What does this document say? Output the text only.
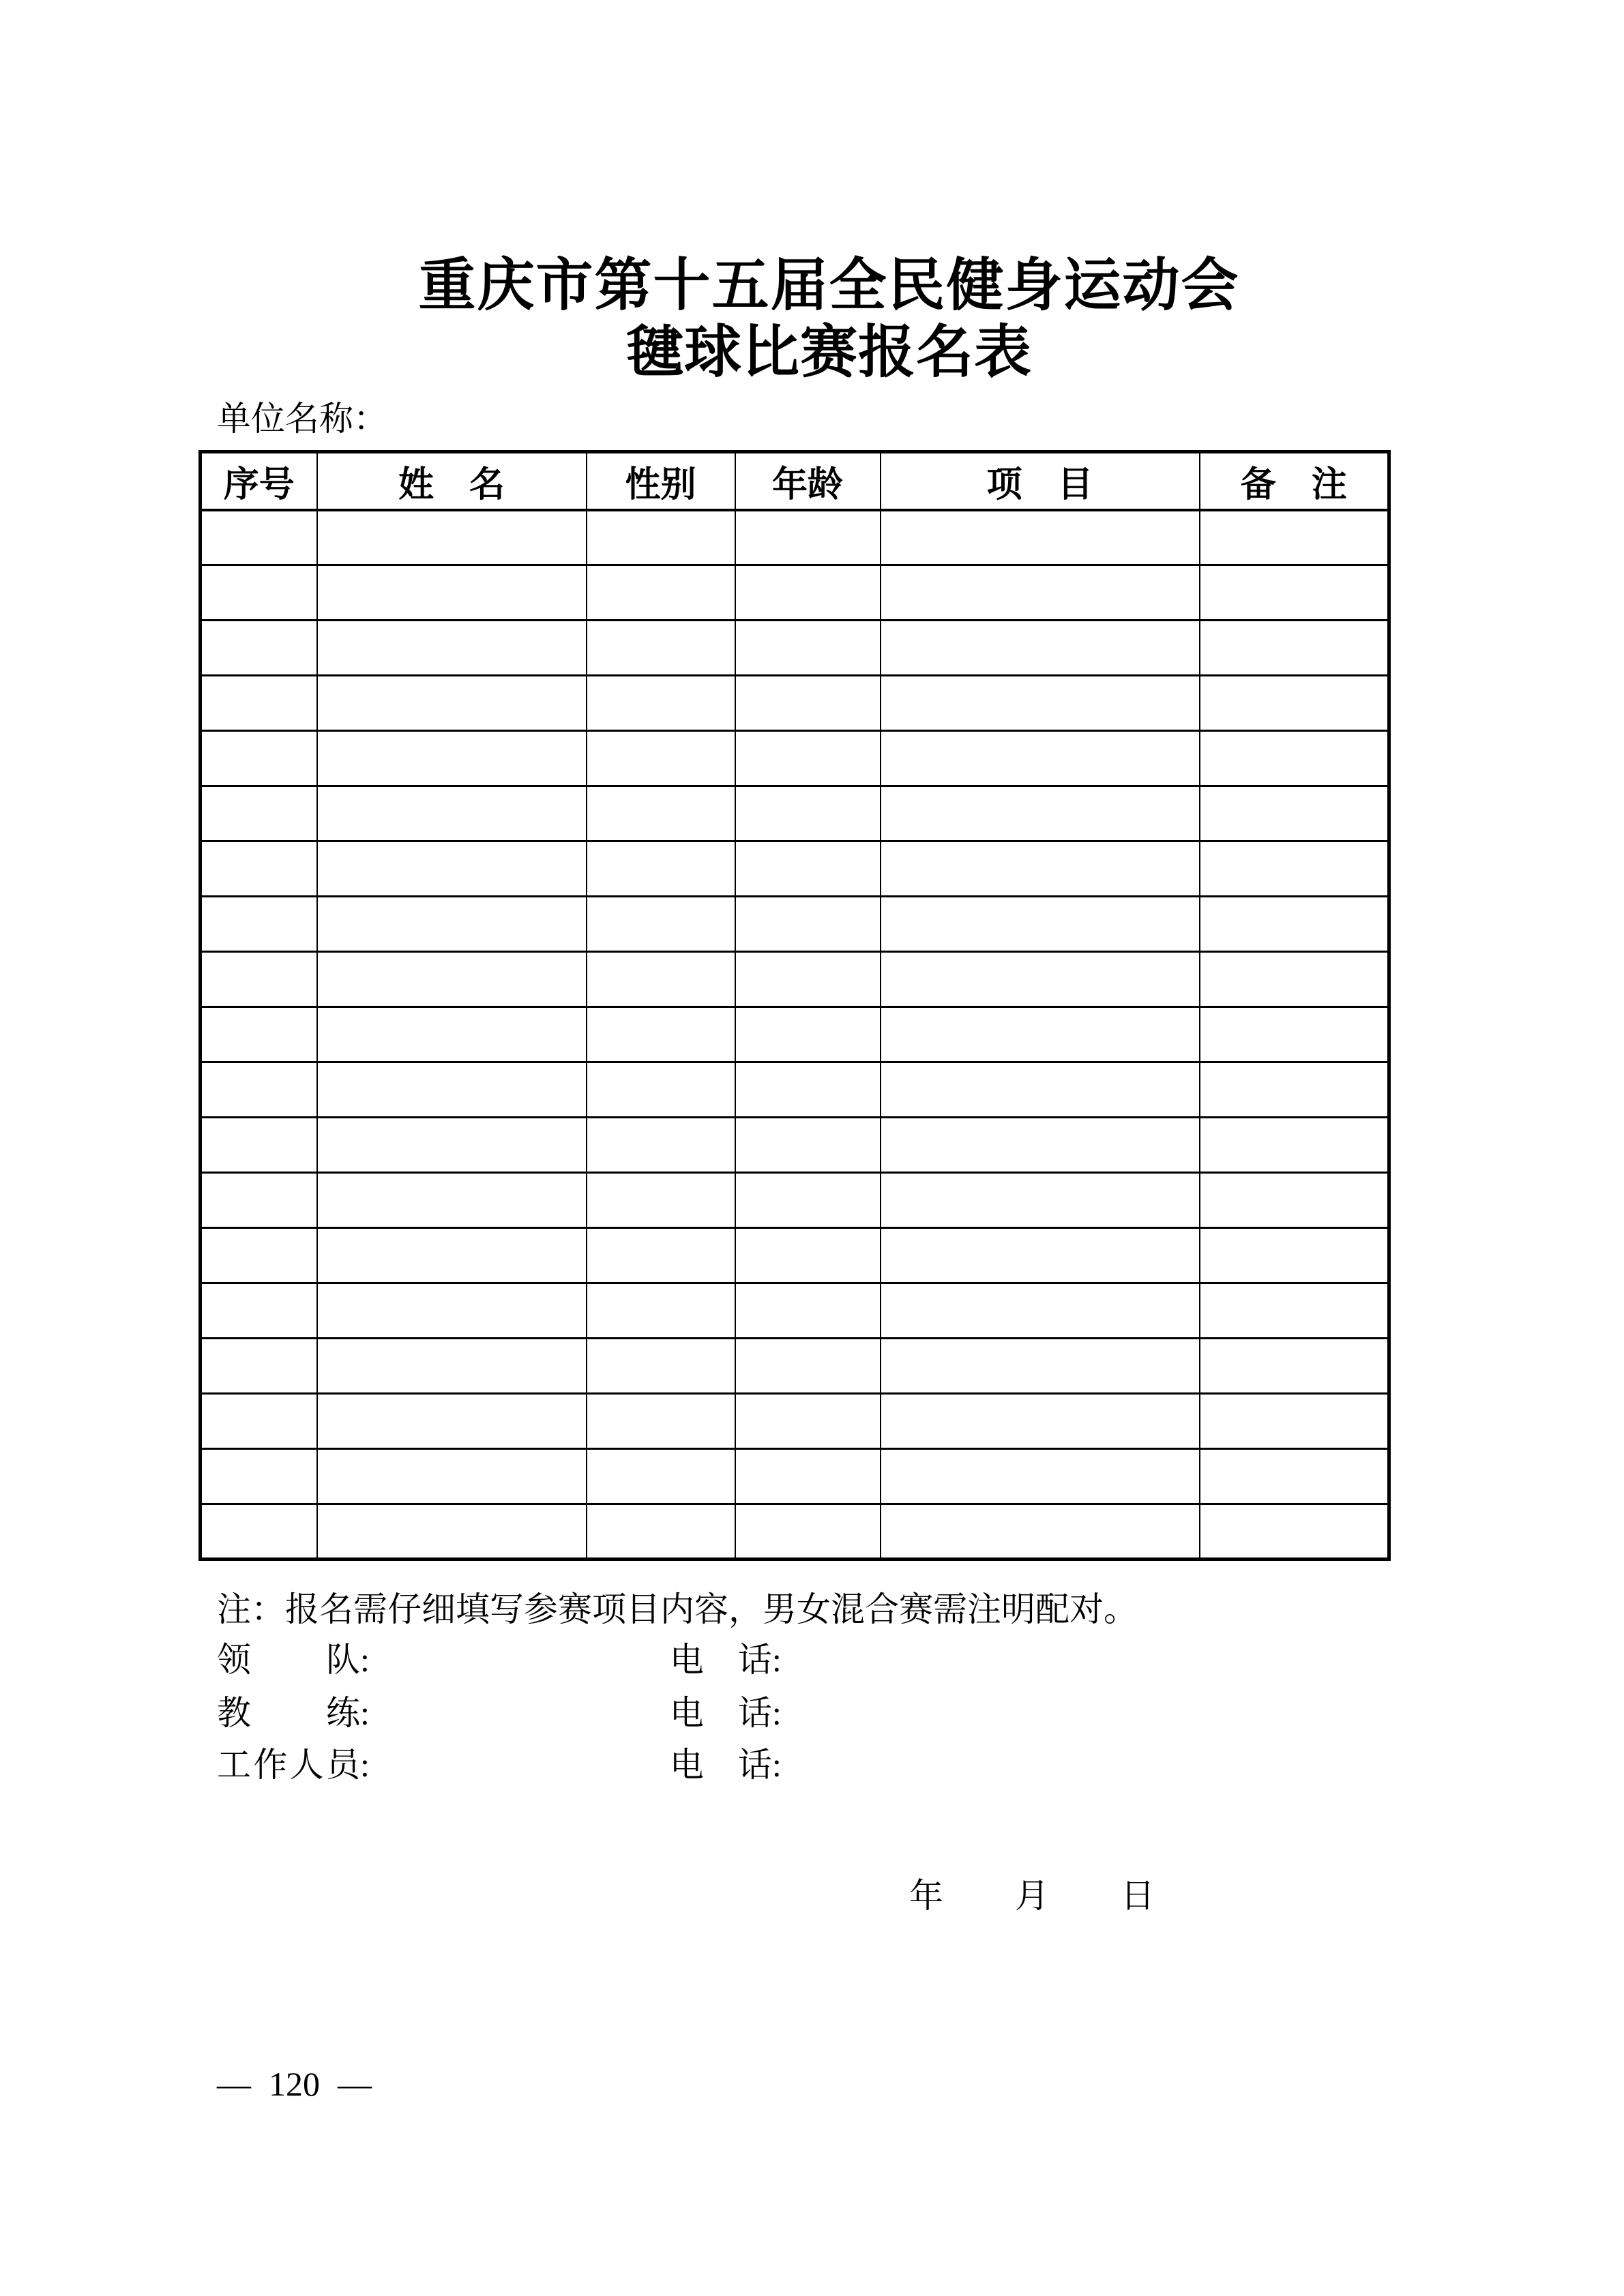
重庆市第十五届全民健身运动会
毽球比赛报名表
单位名称：
序号	姓　名	性别	年龄	项　目	备　注

注：报名需仔细填写参赛项目内容，男女混合赛需注明配对。
领 队 :	电 话 :
教 练 :	电 话 :
工 作 人 员 :	电 话 :
年 月 日
— 120 —
